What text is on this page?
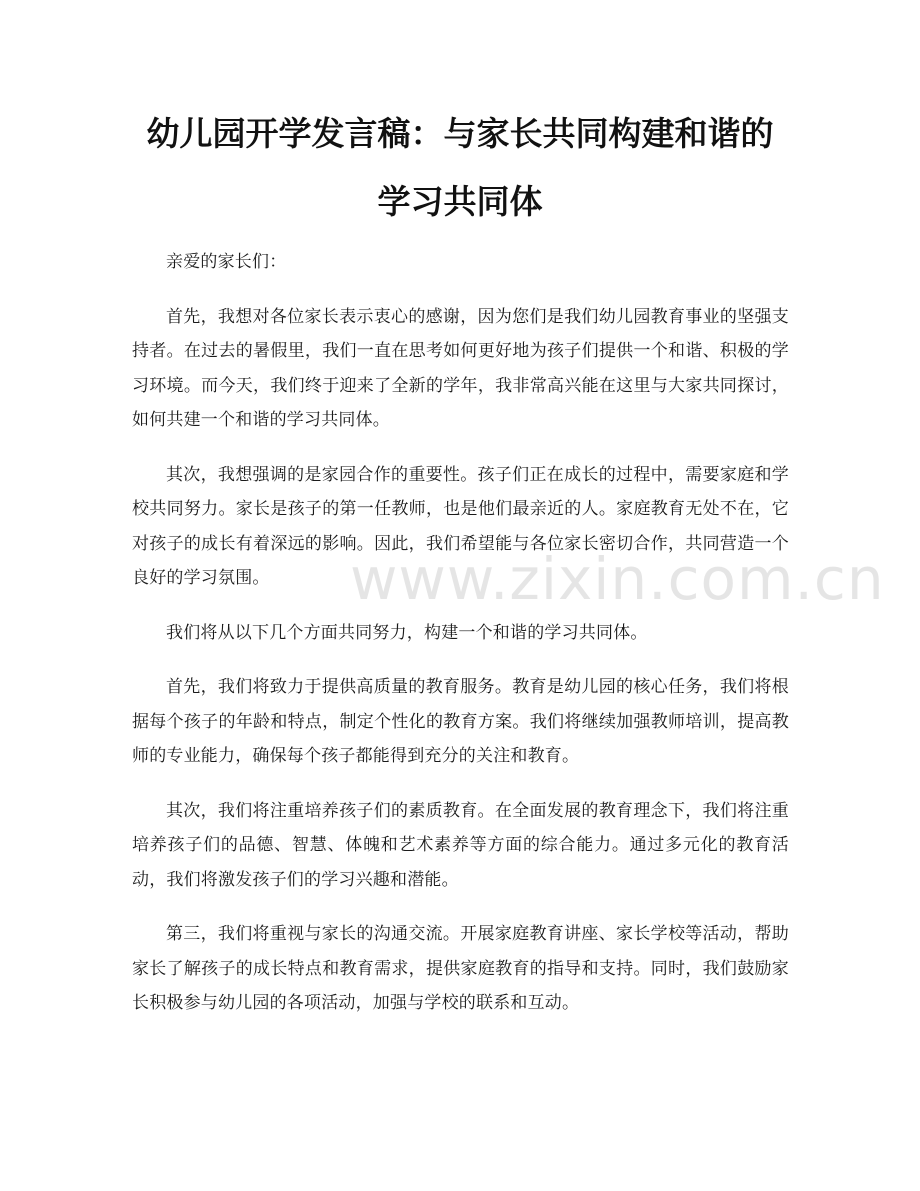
幼儿园开学发言稿：与家长共同构建和谐的
学习共同体

亲爱的家长们：

首先，我想对各位家长表示衷心的感谢，因为您们是我们幼儿园教育事业的坚强支持者。在过去的暑假里，我们一直在思考如何更好地为孩子们提供一个和谐、积极的学习环境。而今天，我们终于迎来了全新的学年，我非常高兴能在这里与大家共同探讨，如何共建一个和谐的学习共同体。

其次，我想强调的是家园合作的重要性。孩子们正在成长的过程中，需要家庭和学校共同努力。家长是孩子的第一任教师，也是他们最亲近的人。家庭教育无处不在，它对孩子的成长有着深远的影响。因此，我们希望能与各位家长密切合作，共同营造一个良好的学习氛围。

我们将从以下几个方面共同努力，构建一个和谐的学习共同体。

首先，我们将致力于提供高质量的教育服务。教育是幼儿园的核心任务，我们将根据每个孩子的年龄和特点，制定个性化的教育方案。我们将继续加强教师培训，提高教师的专业能力，确保每个孩子都能得到充分的关注和教育。

其次，我们将注重培养孩子们的素质教育。在全面发展的教育理念下，我们将注重培养孩子们的品德、智慧、体魄和艺术素养等方面的综合能力。通过多元化的教育活动，我们将激发孩子们的学习兴趣和潜能。

第三，我们将重视与家长的沟通交流。开展家庭教育讲座、家长学校等活动，帮助家长了解孩子的成长特点和教育需求，提供家庭教育的指导和支持。同时，我们鼓励家长积极参与幼儿园的各项活动，加强与学校的联系和互动。

www.zixin.com.cn
